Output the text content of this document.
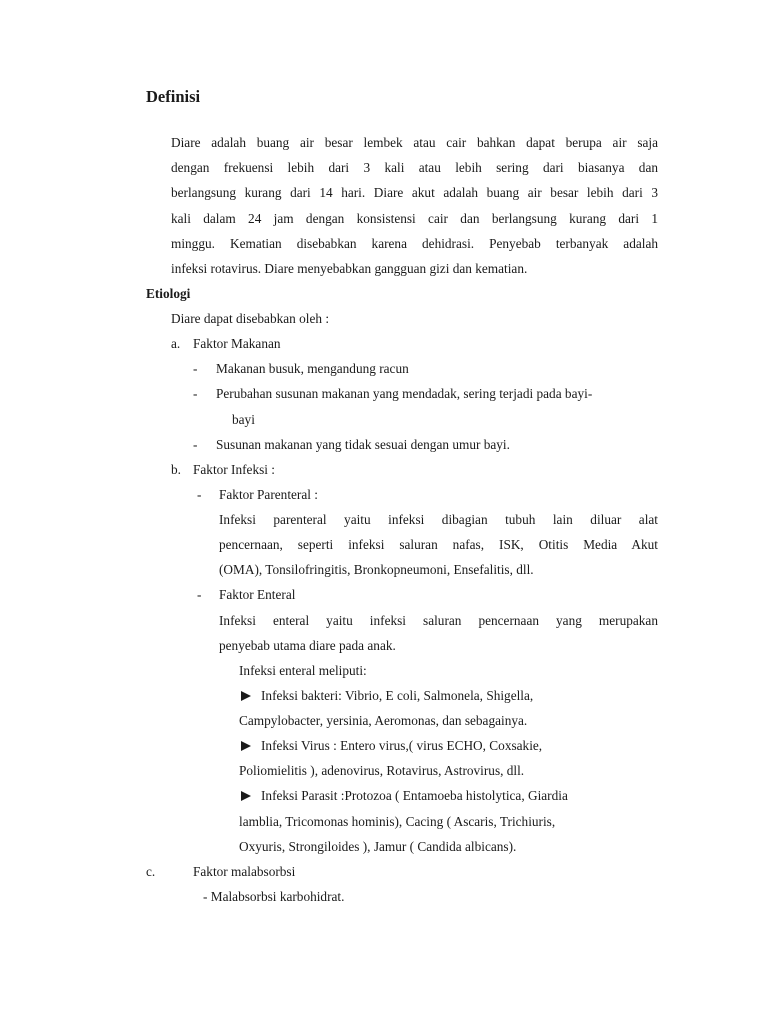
Definisi
Diare adalah buang air besar lembek atau cair bahkan dapat berupa air saja
dengan frekuensi lebih dari 3 kali atau lebih sering dari biasanya dan
berlangsung kurang dari 14 hari. Diare akut adalah buang air besar lebih dari 3
kali dalam 24 jam dengan konsistensi cair dan berlangsung kurang dari 1
minggu. Kematian disebabkan karena dehidrasi. Penyebab terbanyak adalah
infeksi rotavirus. Diare menyebabkan gangguan gizi dan kematian.
Etiologi
Diare dapat disebabkan oleh :
a. Faktor Makanan
- Makanan busuk, mengandung racun
- Perubahan susunan makanan yang mendadak, sering terjadi pada bayi-
bayi
- Susunan makanan yang tidak sesuai dengan umur bayi.
b. Faktor Infeksi :
- Faktor Parenteral :
Infeksi parenteral yaitu infeksi dibagian tubuh lain diluar alat
pencernaan, seperti infeksi saluran nafas, ISK, Otitis Media Akut
(OMA), Tonsilofringitis, Bronkopneumoni, Ensefalitis, dll.
- Faktor Enteral
Infeksi enteral yaitu infeksi saluran pencernaan yang merupakan
penyebab utama diare pada anak.
Infeksi enteral meliputi:
Infeksi bakteri: Vibrio, E coli, Salmonela, Shigella,
Campylobacter, yersinia, Aeromonas, dan sebagainya.
Infeksi Virus : Entero virus,( virus ECHO, Coxsakie,
Poliomielitis ), adenovirus, Rotavirus, Astrovirus, dll.
Infeksi Parasit :Protozoa ( Entamoeba histolytica, Giardia
lamblia, Tricomonas hominis), Cacing ( Ascaris, Trichiuris,
Oxyuris, Strongiloides ), Jamur ( Candida albicans).
c.	Faktor malabsorbsi
- Malabsorbsi karbohidrat.
